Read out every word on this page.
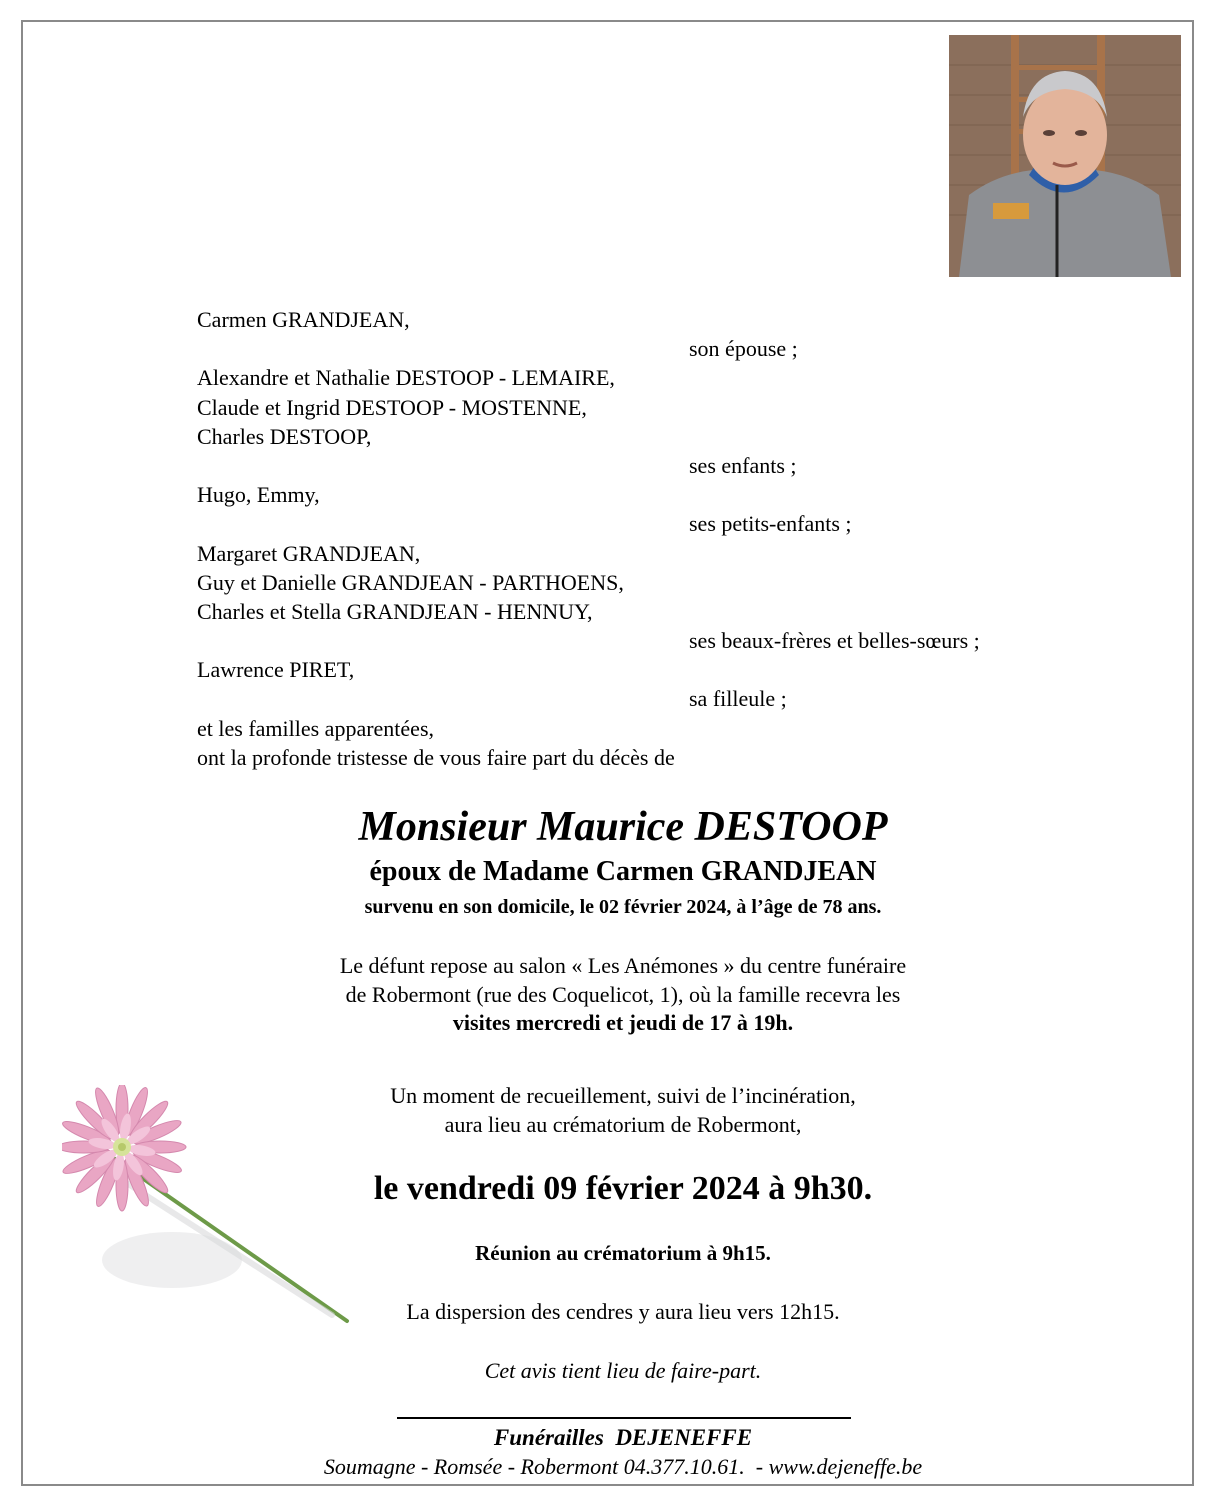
Carmen GRANDJEAN,
son épouse ;
Alexandre et Nathalie DESTOOP - LEMAIRE,
Claude et Ingrid DESTOOP - MOSTENNE,
Charles DESTOOP,
ses enfants ;
Hugo, Emmy,
ses petits-enfants ;
Margaret GRANDJEAN,
Guy et Danielle GRANDJEAN - PARTHOENS,
Charles et Stella GRANDJEAN - HENNUY,
ses beaux-frères et belles-sœurs ;
Lawrence PIRET,
sa filleule ;
et les familles apparentées,
ont la profonde tristesse de vous faire part du décès de
Monsieur Maurice DESTOOP
époux de Madame Carmen GRANDJEAN
survenu en son domicile, le 02 février 2024, à l’âge de 78 ans.
Le défunt repose au salon « Les Anémones » du centre funéraire
de Robermont (rue des Coquelicot, 1), où la famille recevra les
visites mercredi et jeudi de 17 à 19h.
Un moment de recueillement, suivi de l’incinération,
aura lieu au crématorium de Robermont,
le vendredi 09 février 2024 à 9h30.
Réunion au crématorium à 9h15.
La dispersion des cendres y aura lieu vers 12h15.
Cet avis tient lieu de faire-part.
Funérailles  DEJENEFFE
Soumagne - Romsée - Robermont 04.377.10.61.  - www.dejeneffe.be
